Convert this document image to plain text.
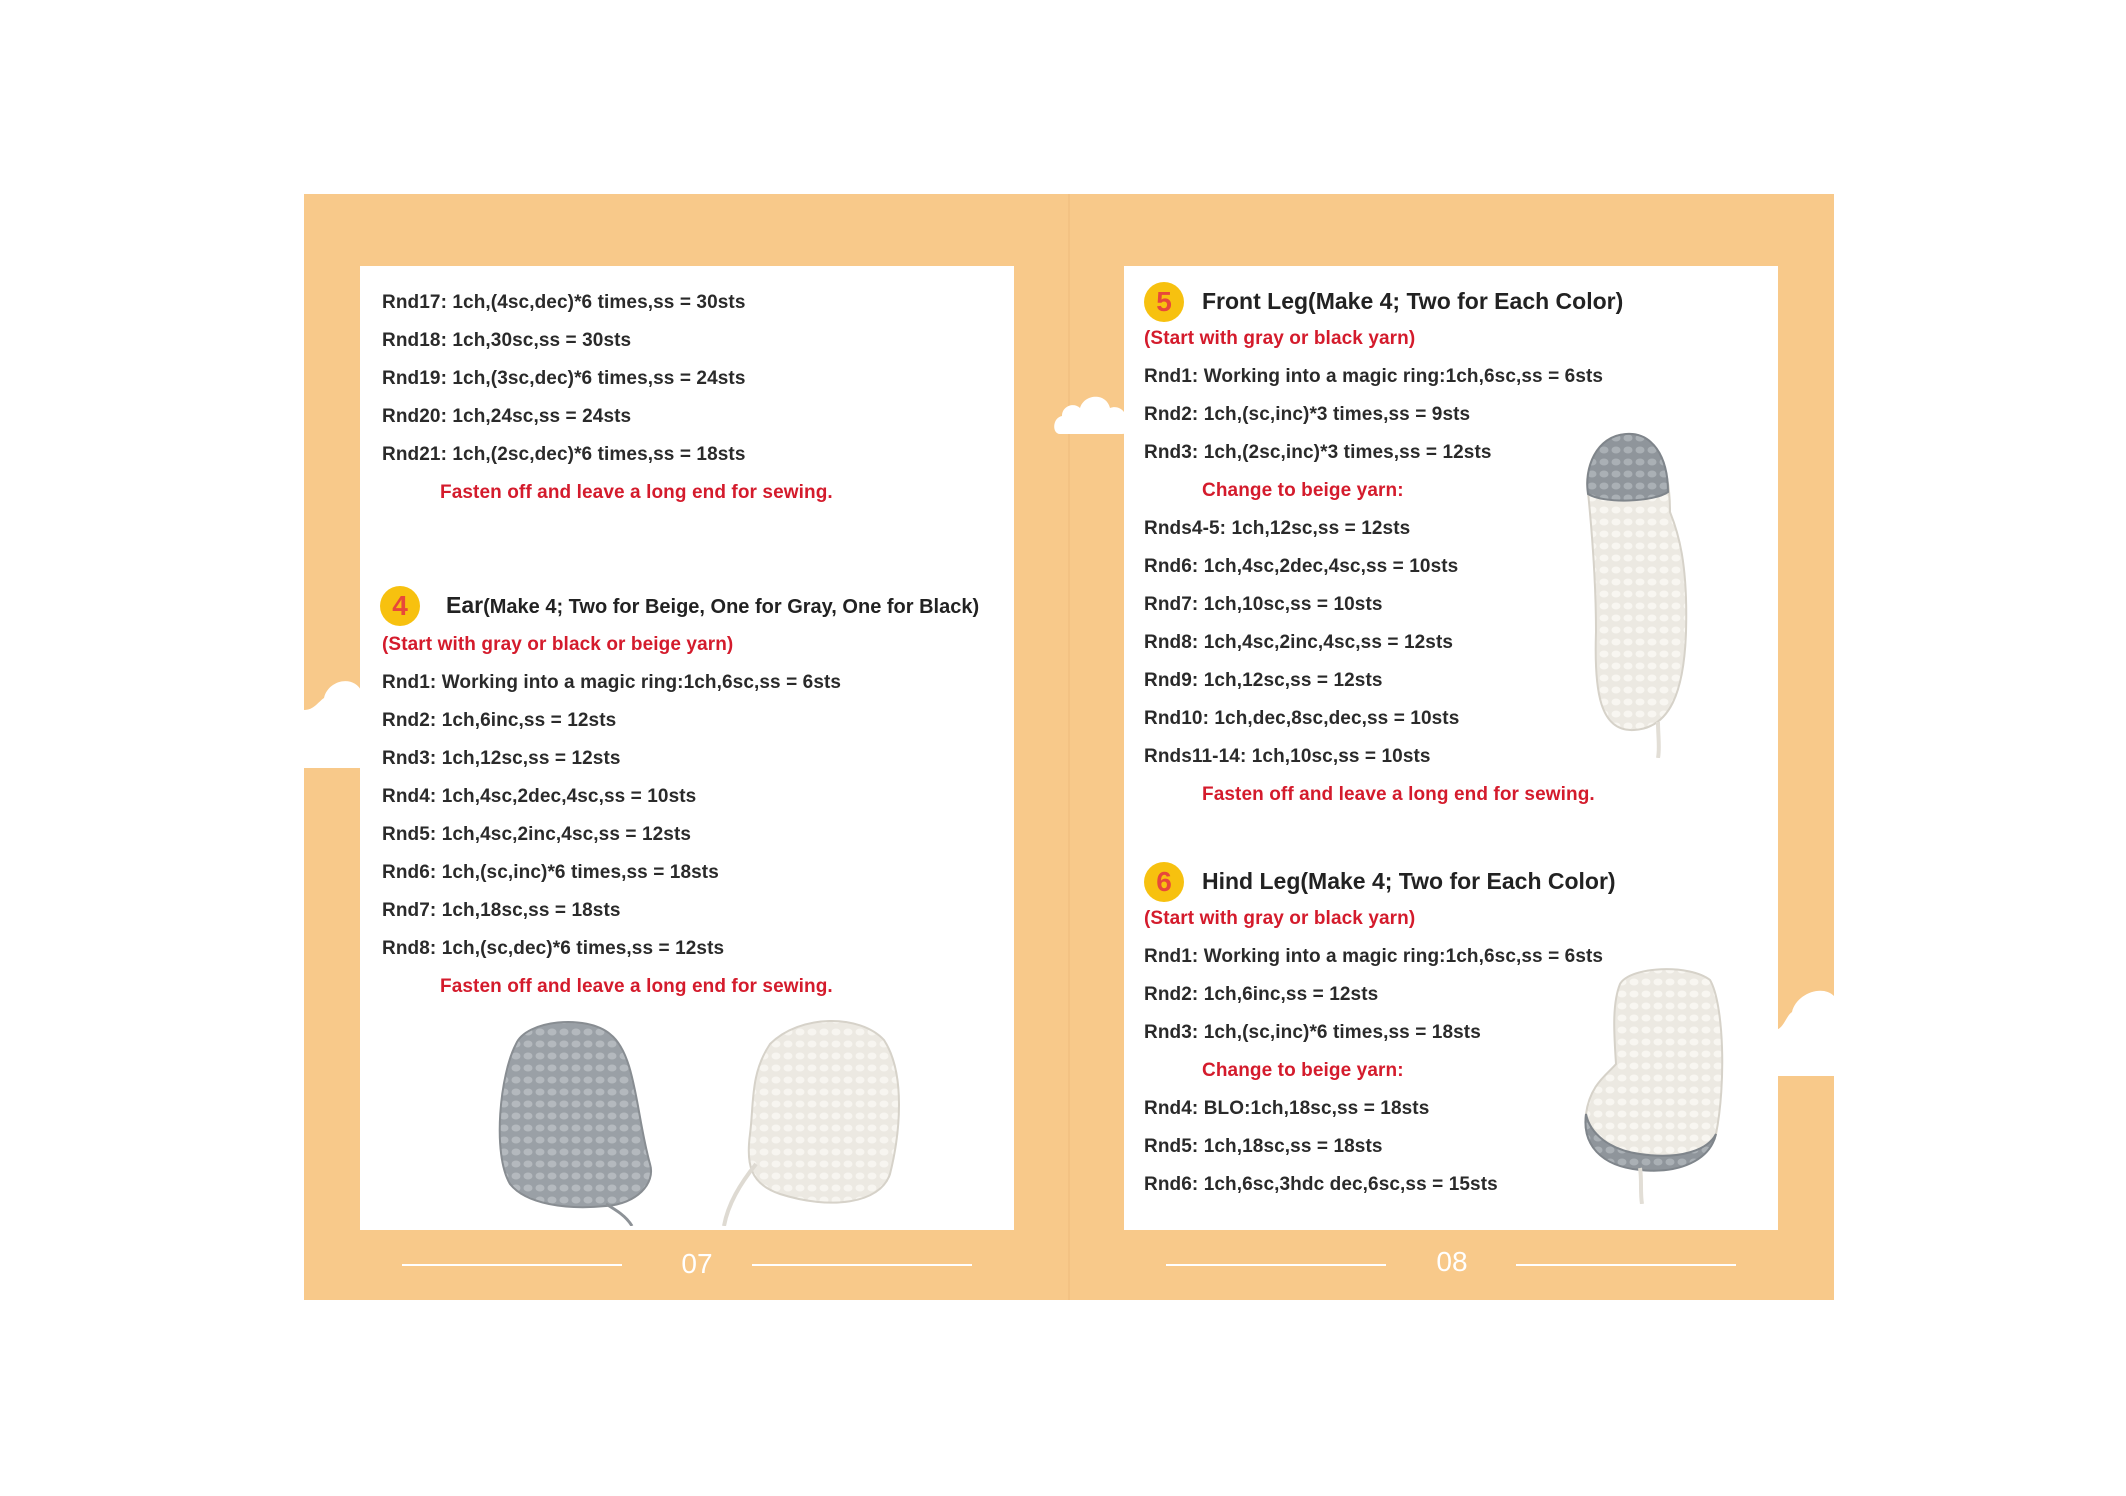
Rnd17: 1ch,(4sc,dec)*6 times,ss = 30sts
Rnd18: 1ch,30sc,ss = 30sts
Rnd19: 1ch,(3sc,dec)*6 times,ss = 24sts
Rnd20: 1ch,24sc,ss = 24sts
Rnd21: 1ch,(2sc,dec)*6 times,ss = 18sts
Fasten off and leave a long end for sewing.
4	Ear(Make 4; Two for Beige, One for Gray, One for Black)
(Start with gray or black or beige yarn)
Rnd1: Working into a magic ring:1ch,6sc,ss = 6sts
Rnd2: 1ch,6inc,ss = 12sts
Rnd3: 1ch,12sc,ss = 12sts
Rnd4: 1ch,4sc,2dec,4sc,ss = 10sts
Rnd5: 1ch,4sc,2inc,4sc,ss = 12sts
Rnd6: 1ch,(sc,inc)*6 times,ss = 18sts
Rnd7: 1ch,18sc,ss = 18sts
Rnd8: 1ch,(sc,dec)*6 times,ss = 12sts
Fasten off and leave a long end for sewing.
5	Front Leg(Make 4; Two for Each Color)
(Start with gray or black yarn)
Rnd1: Working into a magic ring:1ch,6sc,ss = 6sts
Rnd2: 1ch,(sc,inc)*3 times,ss = 9sts
Rnd3: 1ch,(2sc,inc)*3 times,ss = 12sts
Change to beige yarn:
Rnds4-5: 1ch,12sc,ss = 12sts
Rnd6: 1ch,4sc,2dec,4sc,ss = 10sts
Rnd7: 1ch,10sc,ss = 10sts
Rnd8: 1ch,4sc,2inc,4sc,ss = 12sts
Rnd9: 1ch,12sc,ss = 12sts
Rnd10: 1ch,dec,8sc,dec,ss = 10sts
Rnds11-14: 1ch,10sc,ss = 10sts
Fasten off and leave a long end for sewing.
6	Hind Leg(Make 4; Two for Each Color)
(Start with gray or black yarn)
Rnd1: Working into a magic ring:1ch,6sc,ss = 6sts
Rnd2: 1ch,6inc,ss = 12sts
Rnd3: 1ch,(sc,inc)*6 times,ss = 18sts
Change to beige yarn:
Rnd4: BLO:1ch,18sc,ss = 18sts
Rnd5: 1ch,18sc,ss = 18sts
Rnd6: 1ch,6sc,3hdc dec,6sc,ss = 15sts
07	08
